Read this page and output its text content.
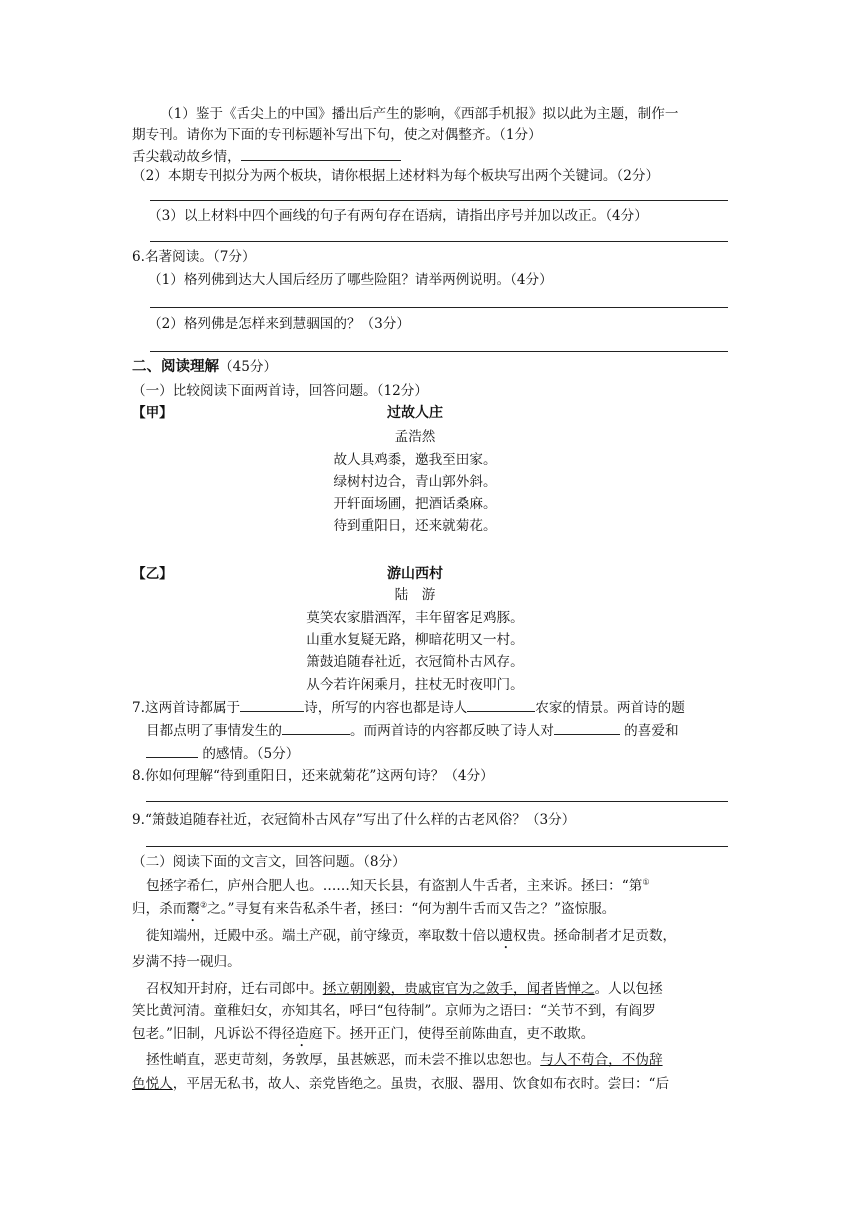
（1）鉴于《舌尖上的中国》播出后产生的影响，《西部手机报》拟以此为主题，制作一
期专刊。请你为下面的专刊标题补写出下句，使之对偶整齐。（1分）
舌尖载动故乡情，
（2）本期专刊拟分为两个板块，请你根据上述材料为每个板块写出两个关键词。（2分）
（3）以上材料中四个画线的句子有两句存在语病，请指出序号并加以改正。（4分）
6.名著阅读。（7分）
（1）格列佛到达大人国后经历了哪些险阻？请举两例说明。（4分）
（2）格列佛是怎样来到慧骃国的？（3分）
二、阅读理解（45分）
（一）比较阅读下面两首诗，回答问题。（12分）
【甲】	过故人庄
孟浩然
故人具鸡黍，邀我至田家。
绿树村边合，青山郭外斜。
开轩面场圃，把酒话桑麻。
待到重阳日，还来就菊花。
【乙】	游山西村
陆　游
莫笑农家腊酒浑，丰年留客足鸡豚。
山重水复疑无路，柳暗花明又一村。
箫鼓追随春社近，衣冠简朴古风存。
从今若许闲乘月，拄杖无时夜叩门。
7.这两首诗都属于	诗，所写的内容也都是诗人	农家的情景。两首诗的题
目都点明了事情发生的	。而两首诗的内容都反映了诗人对	的喜爱和
的感情。（5分）
8.你如何理解“待到重阳日，还来就菊花”这两句诗？（4分）
9.“箫鼓追随春社近，衣冠简朴古风存”写出了什么样的古老风俗？（3分）
（二）阅读下面的文言文，回答问题。（8分）
包拯字希仁，庐州合肥人也。……知天长县，有盗割人牛舌者，主来诉。拯曰：“第①
归，杀而鬻②之。”寻复有来告私杀牛者，拯曰：“何为割牛舌而又告之？”盗惊服。
徙知端州，迁殿中丞。端土产砚，前守缘贡，率取数十倍以遗权贵。拯命制者才足贡数，
岁满不持一砚归。
召权知开封府，迁右司郎中。拯立朝刚毅，贵戚宦官为之敛手，闻者皆惮之。人以包拯
笑比黄河清。童稚妇女，亦知其名，呼曰“包待制”。京师为之语曰：“关节不到，有阎罗
包老。”旧制，凡诉讼不得径造庭下。拯开正门，使得至前陈曲直，吏不敢欺。
拯性峭直，恶吏苛刻，务敦厚，虽甚嫉恶，而未尝不推以忠恕也。与人不苟合，不伪辞
色悦人，平居无私书，故人、亲党皆绝之。虽贵，衣服、器用、饮食如布衣时。尝曰：“后
